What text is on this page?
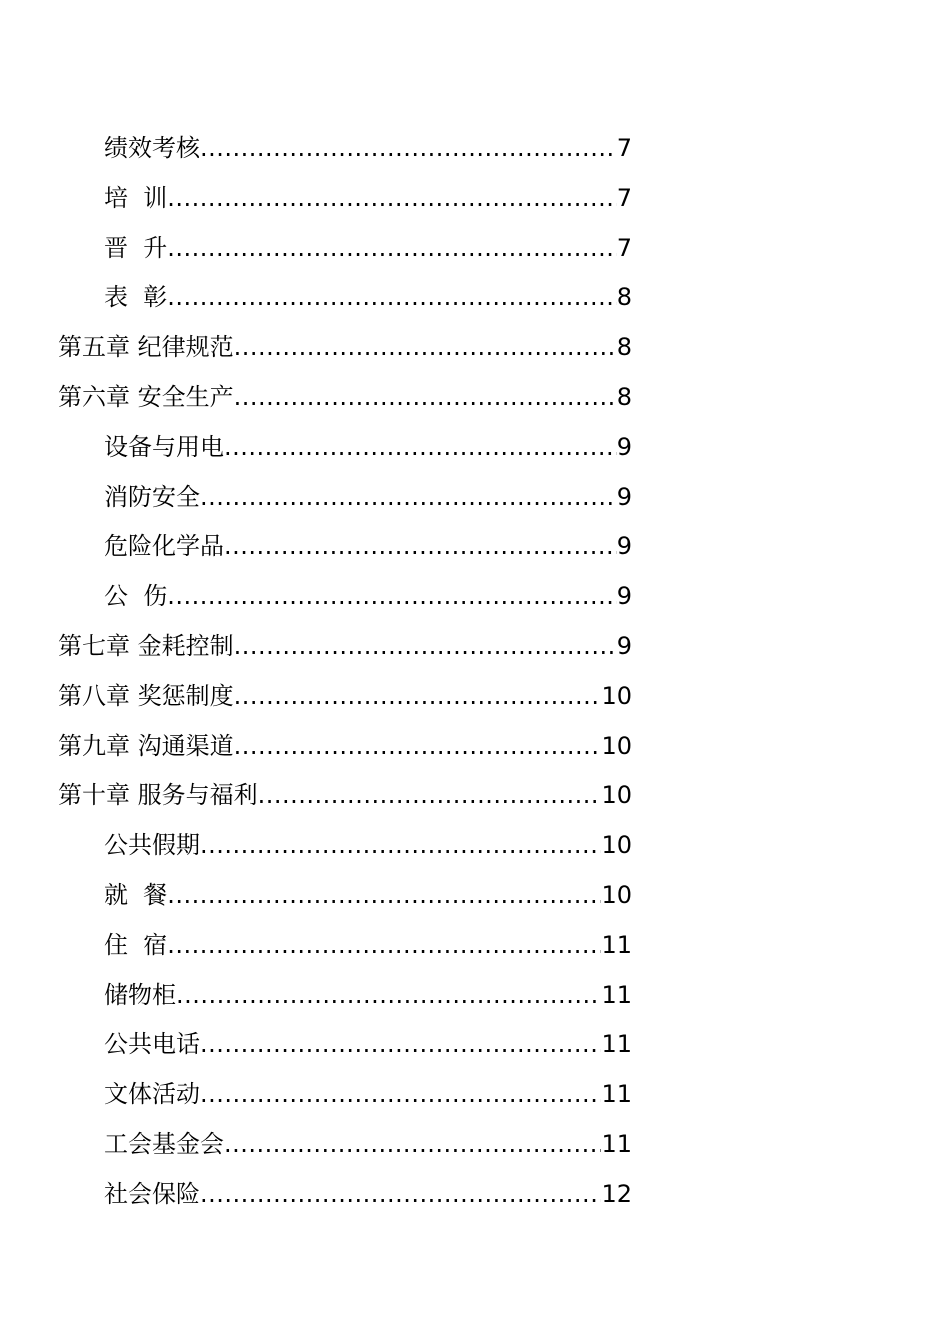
绩效考核 .....	7
培  训 .....	7
晋  升 .....	7
表  彰 .....	8
第五章 纪律规范 .....	8
第六章 安全生产 .....	8
设备与用电 .....	9
消防安全 .....	9
危险化学品 .....	9
公  伤 .....	9
第七章 金耗控制 .....	9
第八章 奖惩制度 .....	10
第九章 沟通渠道 .....	10
第十章 服务与福利 .....	10
公共假期 .....	10
就  餐 .....	10
住  宿 .....	11
储物柜 .....	11
公共电话 .....	11
文体活动 .....	11
工会基金会 .....	11
社会保险 .....	12
